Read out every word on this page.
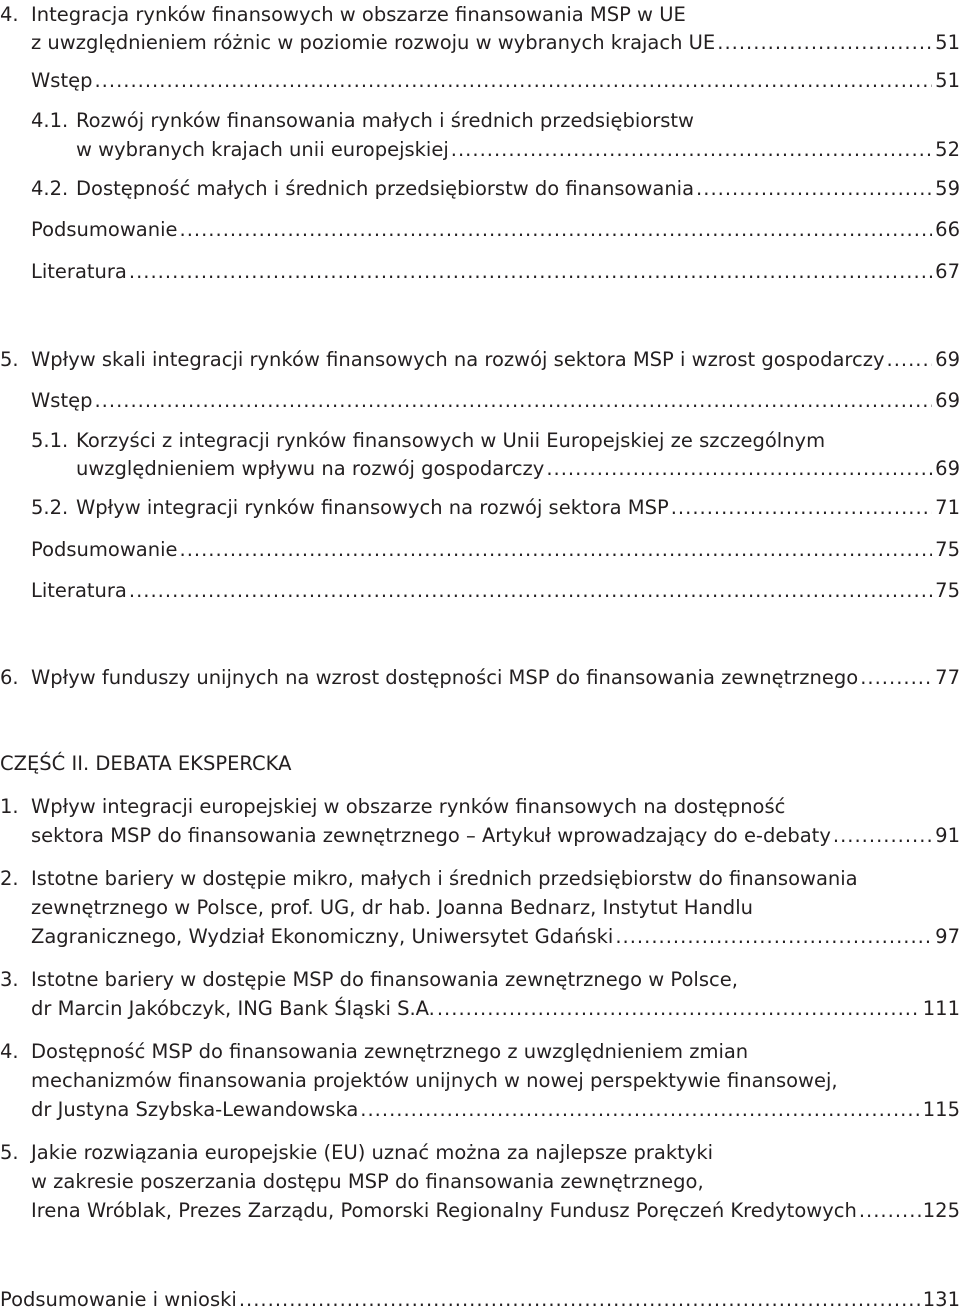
4. Integracja rynków finansowych w obszarze finansowania MSP w UE
z uwzględnieniem różnic w poziomie rozwoju w wybranych krajach UE .....	51
Wstęp .....	51
4.1. Rozwój rynków finansowania małych i średnich przedsiębiorstw
w wybranych krajach unii europejskiej .....	52
4.2. Dostępność małych i średnich przedsiębiorstw do finansowania .....	59
Podsumowanie .....	66
Literatura .....	67
5. Wpływ skali integracji rynków finansowych na rozwój sektora MSP i wzrost gospodarczy .....	69
Wstęp .....	69
5.1. Korzyści z integracji rynków finansowych w Unii Europejskiej ze szczególnym
uwzględnieniem wpływu na rozwój gospodarczy .....	69
5.2. Wpływ integracji rynków finansowych na rozwój sektora MSP .....	71
Podsumowanie .....	75
Literatura .....	75
6. Wpływ funduszy unijnych na wzrost dostępności MSP do finansowania zewnętrznego .....	77
CZĘŚĆ II. DEBATA EKSPERCKA
1. Wpływ integracji europejskiej w obszarze rynków finansowych na dostępność
sektora MSP do finansowania zewnętrznego – Artykuł wprowadzający do e-debaty .....	91
2. Istotne bariery w dostępie mikro, małych i średnich przedsiębiorstw do finansowania
zewnętrznego w Polsce, prof. UG, dr hab. Joanna Bednarz, Instytut Handlu
Zagranicznego, Wydział Ekonomiczny, Uniwersytet Gdański .....	97
3. Istotne bariery w dostępie MSP do finansowania zewnętrznego w Polsce,
dr Marcin Jakóbczyk, ING Bank Śląski S.A. .....	111
4. Dostępność MSP do finansowania zewnętrznego z uwzględnieniem zmian
mechanizmów finansowania projektów unijnych w nowej perspektywie finansowej,
dr Justyna Szybska-Lewandowska .....	115
5. Jakie rozwiązania europejskie (EU) uznać można za najlepsze praktyki
w zakresie poszerzania dostępu MSP do finansowania zewnętrznego,
Irena Wróblak, Prezes Zarządu, Pomorski Regionalny Fundusz Poręczeń Kredytowych .....	125
Podsumowanie i wnioski .....	131
